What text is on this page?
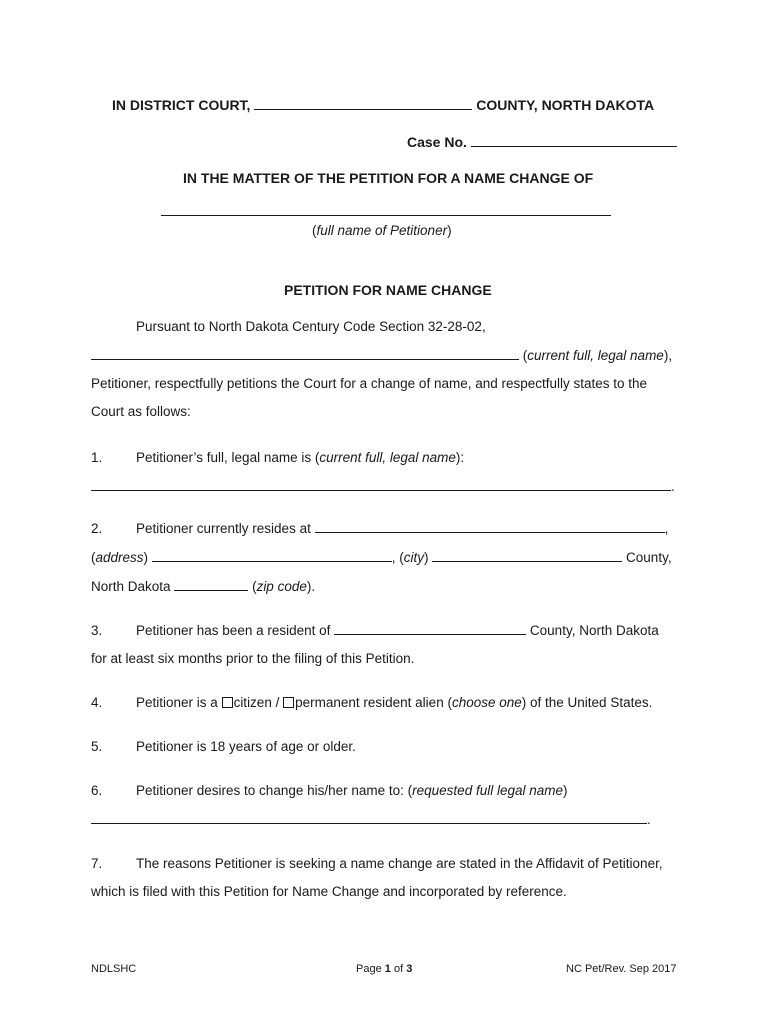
IN DISTRICT COURT,	COUNTY, NORTH DAKOTA
Case No.
IN THE MATTER OF THE PETITION FOR A NAME CHANGE OF
(full name of Petitioner)
PETITION FOR NAME CHANGE
Pursuant to North Dakota Century Code Section 32-28-02,
(current full, legal name),
Petitioner, respectfully petitions the Court for a change of name, and respectfully states to the
Court as follows:
1. Petitioner’s full, legal name is (current full, legal name):
.
2. Petitioner currently resides at	,
(address)	, (city)	County,
North Dakota	(zip code).
3. Petitioner has been a resident of	County, North Dakota
for at least six months prior to the filing of this Petition.
4. Petitioner is a citizen / permanent resident alien (choose one) of the United States.
5. Petitioner is 18 years of age or older.
6. Petitioner desires to change his/her name to: (requested full legal name)
.
7. The reasons Petitioner is seeking a name change are stated in the Affidavit of Petitioner,
which is filed with this Petition for Name Change and incorporated by reference.
NDLSHC	Page 1 of 3	NC Pet/Rev. Sep 2017
